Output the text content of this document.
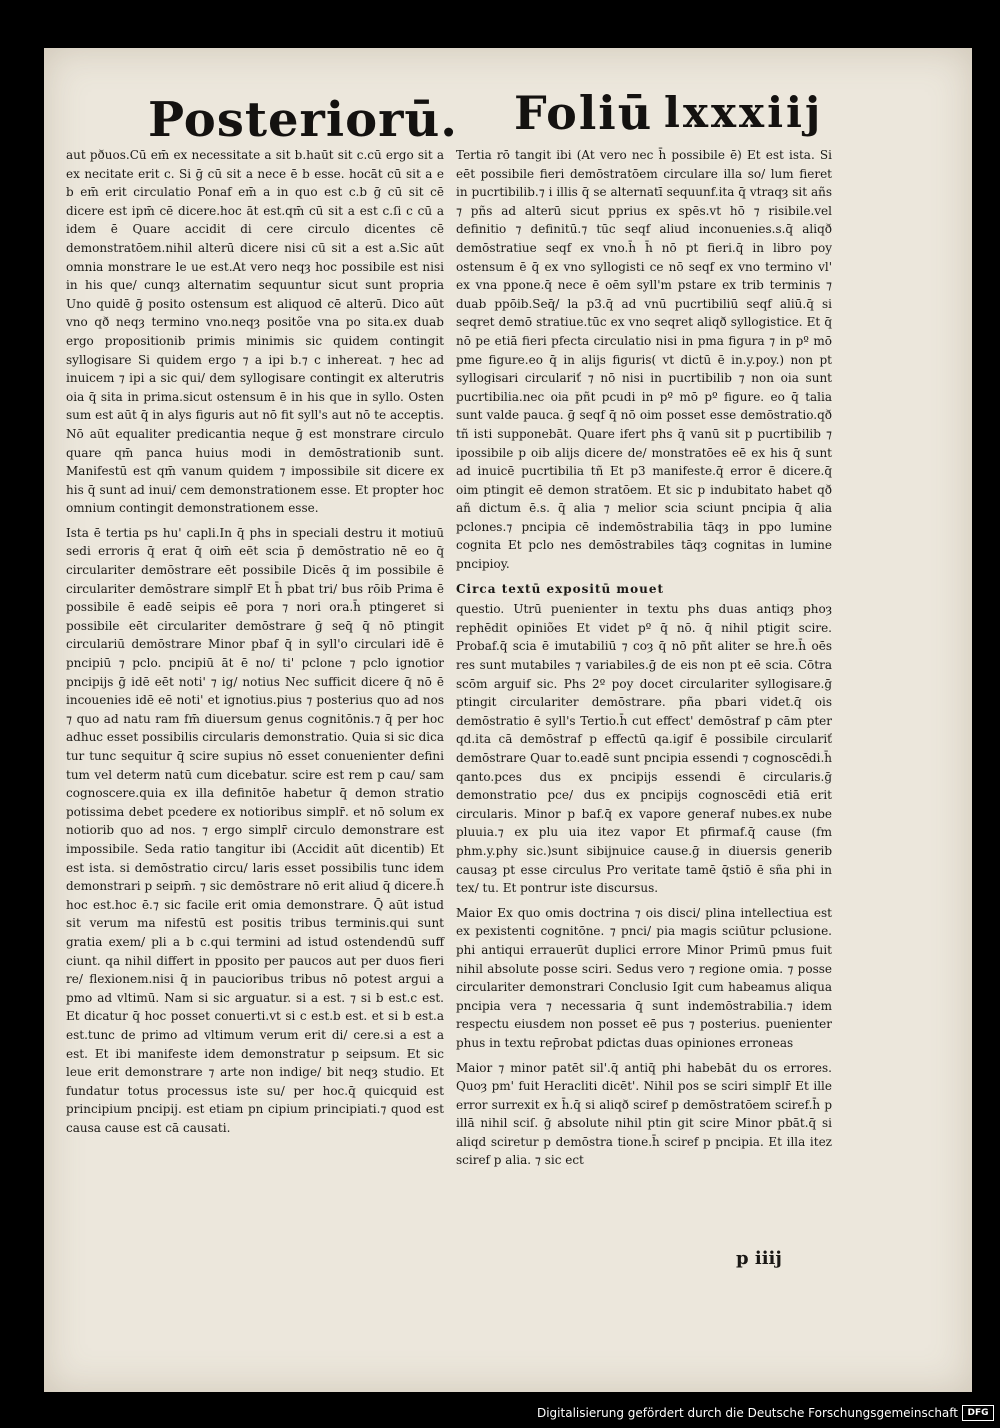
Posteriorū. Foliū lxxxiij

aut pðuos.Cū em̄ ex necessitate a sit b.haūt sit c.cū ergo sit a ex necitate erit c. Si ḡ cū sit a nece ē b esse. hocāt cū sit a e b em̄ erit circulatio Ponaf em̄ a in quo est c.b ḡ cū sit cē dicere est ipm̄ cē dicere.hoc āt est.qm̄ cū sit a est c.ſi c cū a idem ē Quare accidit di cere circulo dicentes cē demonstratōem.nihil alterū dicere nisi cū sit a est a.Sic aūt omnia monstrare le ue est.At vero neqȝ hoc possibile est nisi in his que/ cunqȝ alternatim sequuntur sicut sunt propria Uno quidē ḡ posito ostensum est aliquod cē alterū. Dico aūt vno qð neqȝ termino vno.neqȝ positõe vna po sita.ex duab ergo propositionib primis minimis sic quidem contingit syllogisare Si quidem ergo ⁊ a ipi b.⁊ c inhereat. ⁊ hec ad inuicem ⁊ ipi a sic qui/ dem syllogisare contingit ex alterutris oia q̄ sita in prima.sicut ostensum ē in his que in syllo. Osten sum est aūt q̄ in alys figuris aut nō fit syll's aut nō te acceptis. Nō aūt equaliter predicantia neque ḡ est monstrare circulo quare qm̄ panca huius modi in demōstrationib sunt. Manifestū est qm̄ vanum quidem ⁊ impossibile sit dicere ex his q̄ sunt ad inui/ cem demonstrationem esse. Et propter hoc omnium contingit demonstrationem esse.

Ista ē tertia ps hu' capli.In q̄ phs in speciali destru it motiuū sedi erroris q̄ erat q̄ oim̄ eēt scia p̄ demōstratio nē eo q̄ circulariter demōstrare eēt possibile Dicēs q̄ im possibile ē circulariter demōstrare simplr̄ Et h̄ pbat tri/ bus rōib Prima ē possibile ē eadē seipis eē pora ⁊ nori ora.h̄ ptingeret si possibile eēt circulariter demōstrare ḡ seq̄ q̄ nō ptingit circulariū demōstrare Minor pbaf q̄ in syll'o circulari idē ē pncipiū ⁊ pclo. pncipiū āt ē no/ ti' pclone ⁊ pclo ignotior pncipijs ḡ idē eēt noti' ⁊ ig/ notius Nec sufficit dicere q̄ nō ē incouenies idē eē noti' et ignotius.pius ⁊ posterius quo ad nos ⁊ quo ad natu ram fm̄ diuersum genus cognitōnis.⁊ q̄ per hoc adhuc esset possibilis circularis demonstratio. Quia si sic dica tur tunc sequitur q̄ scire supius nō esset conuenienter defini tum vel determ natū cum dicebatur. scire est rem p cau/ sam cognoscere.quia ex illa definitōe habetur q̄ demon stratio potissima debet pcedere ex notioribus simplr̄. et nō solum ex notiorib quo ad nos. ⁊ ergo simplr̄ circulo demonstrare est impossibile. Seda ratio tangitur ibi (Accidit aūt dicentib) Et est ista. si demōstratio circu/ laris esset possibilis tunc idem demonstrari p seipm̄. ⁊ sic demōstrare nō erit aliud q̄ dicere.h̄ hoc est.hoc ē.⁊ sic facile erit omia demonstrare. Q̄ aūt istud sit verum ma nifestū est positis tribus terminis.qui sunt gratia exem/ pli a b c.qui termini ad istud ostendendū suff ciunt. qa nihil differt in pposito per paucos aut per duos fieri re/ flexionem.nisi q̄ in paucioribus tribus nō potest argui a pmo ad vltimū. Nam si sic arguatur. si a est. ⁊ si b est.c est. Et dicatur q̄ hoc posset conuerti.vt si c est.b est. et si b est.a est.tunc de primo ad vltimum verum erit di/ cere.si a est a est. Et ibi manifeste idem demonstratur p seipsum. Et sic leue erit demonstrare ⁊ arte non indige/ bit neqȝ studio. Et fundatur totus processus iste su/ per hoc.q̄ quicquid est principium pncipij. est etiam pn cipium principiati.⁊ quod est causa cause est cā causati.

Tertia rō tangit ibi (At vero nec h̄ possibile ē) Et est ista. Si eēt possibile fieri demōstratōem circulare illa so/ lum fieret in pucrtibilib.⁊ i illis q̄ se alternatī sequunf.ita q̄ vtraqȝ sit añs ⁊ pñs ad alterū sicut pprius ex spēs.vt hō ⁊ risibile.vel definitio ⁊ definitū.⁊ tūc seqf aliud inconuenies.s.q̄ aliqð demōstratiue seqf ex vno.h̄ h̄ nō pt fieri.q̄ in libro poy ostensum ē q̄ ex vno syllogisti ce nō seqf ex vno termino vl' ex vna ppone.q̄ nece ē oēm syll'm pstare ex trib terminis ⁊ duab ppōib.Seq̄/ la p3.q̄ ad vnū pucrtibiliū seqf aliū.q̄ si seqret demō stratiue.tūc ex vno seqret aliqð syllogistice. Et q̄ nō pe etiā fieri pfecta circulatio nisi in pma figura ⁊ in pº mō pme figure.eo q̄ in alijs figuris( vt dictū ē in.y.poy.) non pt syllogisari circulariť ⁊ nō nisi in pucrtibilib ⁊ non oia sunt pucrtibilia.nec oia pñt pcudi in pº mō pº figure. eo q̄ talia sunt valde pauca. ḡ seqf q̄ nō oim posset esse demōstratio.qð tñ isti supponebāt. Quare ifert phs q̄ vanū sit p pucrtibilib ⁊ ipossibile p oib alijs dicere de/ monstratōes eē ex his q̄ sunt ad inuicē pucrtibilia tñ Et p3 manifeste.q̄ error ē dicere.q̄ oim ptingit eē demon stratōem. Et sic p indubitato habet qð añ dictum ē.s. q̄ alia ⁊ melior scia sciunt pncipia q̄ alia pclones.⁊ pncipia cē indemōstrabilia tāqȝ in ppo lumine cognita Et pclo nes demōstrabiles tāqȝ cognitas in lumine pncipioy.

Circa textū expositū mouet

questio. Utrū puenienter in textu phs duas antiqȝ phoȝ rephēdit opiniões Et videt pº q̄ nō. q̄ nihil ptigit scire. Probaf.q̄ scia ē imutabiliū ⁊ coȝ q̄ nō pñt aliter se hre.h̄ oēs res sunt mutabiles ⁊ variabiles.ḡ de eis non pt eē scia. Cōtra scōm arguif sic. Phs 2º poy docet circulariter syllogisare.ḡ ptingit circulariter demōstrare. pña pbari videt.q̄ ois demōstratio ē syll's Tertio.h̄ cut effect' demōstraf p cām pter qd.ita cā demōstraf p effectū qa.igif ē possibile circulariť demōstrare Quar to.eadē sunt pncipia essendi ⁊ cognoscēdi.h̄ qanto.pces dus ex pncipijs essendi ē circularis.ḡ demonstratio pce/ dus ex pncipijs cognoscēdi etiā erit circularis. Minor p baf.q̄ ex vapore generaf nubes.ex nube pluuia.⁊ ex plu uia itez vapor Et pfirmaf.q̄ cause (fm phm.y.phy sic.)sunt sibijnuice cause.ḡ in diuersis generib causaȝ pt esse circulus Pro veritate tamē q̄stiō ē sña phi in tex/ tu. Et pontrur iste discursus.

Maior Ex quo omis doctrina ⁊ ois disci/ plina intellectiua est ex pexistenti cognitōne. ⁊ pnci/ pia magis sciūtur pclusione. phi antiqui errauerūt duplici errore Minor Primū pmus fuit nihil absolute posse sciri. Sedus vero ⁊ regione omia. ⁊ posse circulariter demonstrari Conclusio Igit cum habeamus aliqua pncipia vera ⁊ necessaria q̄ sunt indemōstrabilia.⁊ idem respectu eiusdem non posset eē pus ⁊ posterius. puenienter phus in textu rep̄robat pdictas duas opiniones erroneas

Maior ⁊ minor patēt sil'.q̄ antiq̄ phi habebāt du os errores. Quoȝ pm' fuit Heracliti dicēt'. Nihil pos se sciri simplr̄ Et ille error surrexit ex h̄.q̄ si aliqð sciref p demōstratōem sciref.h̄ p illā nihil sciſ. ḡ absolute nihil ptin git scire Minor pbāt.q̄ si aliqd sciretur p demōstra tione.h̄ sciref p pncipia. Et illa itez sciref p alia. ⁊ sic ect

p iiij
Digitalisierung gefördert durch die Deutsche Forschungsgemeinschaft	DFG
